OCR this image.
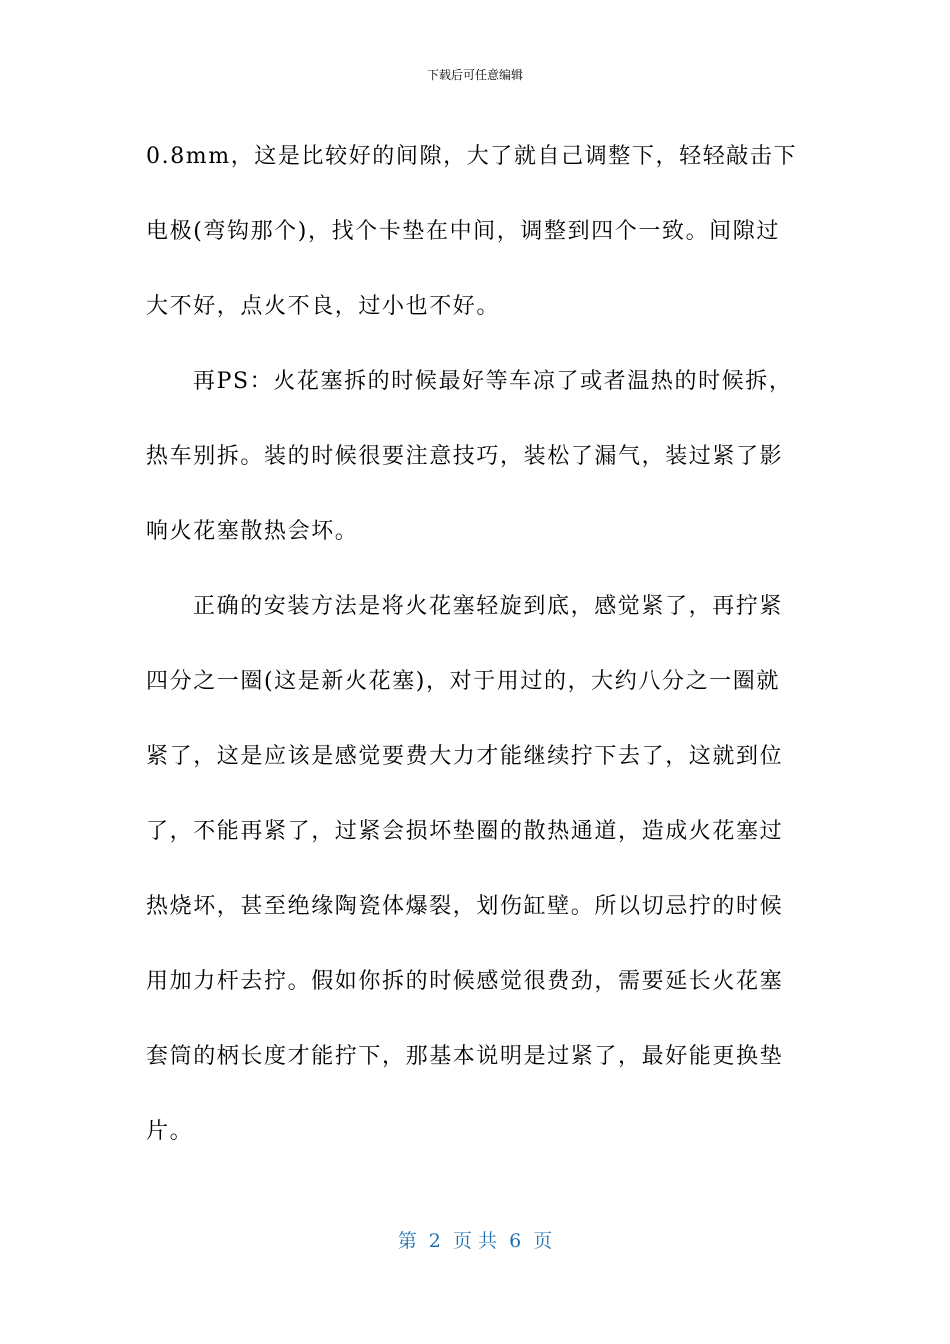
下载后可任意编辑

0.8mm，这是比较好的间隙，大了就自己调整下，轻轻敲击下电极(弯钩那个)，找个卡垫在中间，调整到四个一致。间隙过大不好，点火不良，过小也不好。

再PS：火花塞拆的时候最好等车凉了或者温热的时候拆，热车别拆。装的时候很要注意技巧，装松了漏气，装过紧了影响火花塞散热会坏。

正确的安装方法是将火花塞轻旋到底，感觉紧了，再拧紧四分之一圈(这是新火花塞)，对于用过的，大约八分之一圈就紧了，这是应该是感觉要费大力才能继续拧下去了，这就到位了，不能再紧了，过紧会损坏垫圈的散热通道，造成火花塞过热烧坏，甚至绝缘陶瓷体爆裂，划伤缸壁。所以切忌拧的时候用加力杆去拧。假如你拆的时候感觉很费劲，需要延长火花塞套筒的柄长度才能拧下，那基本说明是过紧了，最好能更换垫片。

第  2  页 共  6  页
